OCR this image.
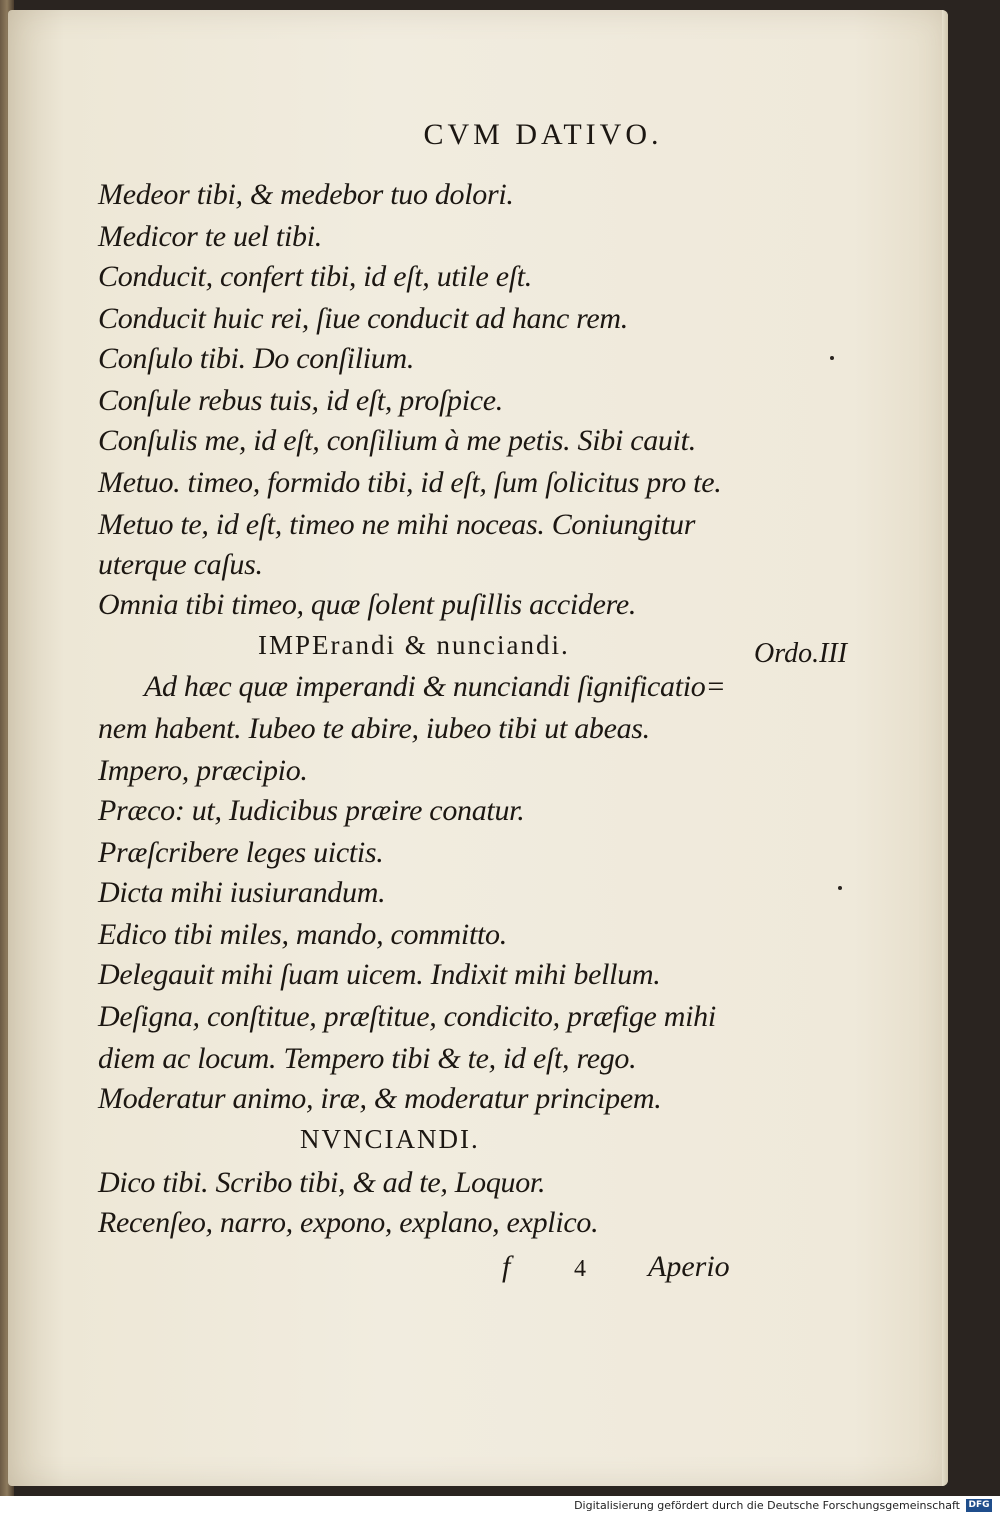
CVM DATIVO.
Medeor tibi, & medebor tuo dolori.
Medicor te uel tibi.
Conducit, confert tibi, id eſt, utile eſt.
Conducit huic rei, ſiue conducit ad hanc rem.
Conſulo tibi. Do conſilium.
Conſule rebus tuis, id eſt, proſpice.
Conſulis me, id eſt, conſilium à me petis. Sibi cauit.
Metuo. timeo, formido tibi, id eſt, ſum ſolicitus pro te.
Metuo te, id eſt, timeo ne mihi noceas. Coniungitur
uterque caſus.
Omnia tibi timeo, quæ ſolent puſillis accidere.
IMPErandi & nunciandi.	Ordo.III
Ad hæc quæ imperandi & nunciandi ſignificatio=
nem habent. Iubeo te abire, iubeo tibi ut abeas.
Impero, præcipio.
Præco: ut, Iudicibus præire conatur.
Præſcribere leges uictis.
Dicta mihi iusiurandum.
Edico tibi miles, mando, committo.
Delegauit mihi ſuam uicem. Indixit mihi bellum.
Deſigna, conſtitue, præſtitue, condicito, præfige mihi
diem ac locum. Tempero tibi & te, id eſt, rego.
Moderatur animo, iræ, & moderatur principem.
NVNCIANDI.
Dico tibi. Scribo tibi, & ad te, Loquor.
Recenſeo, narro, expono, explano, explico.
f	4 Aperio
Digitalisierung gefördert durch die Deutsche Forschungsgemeinschaft DFG
